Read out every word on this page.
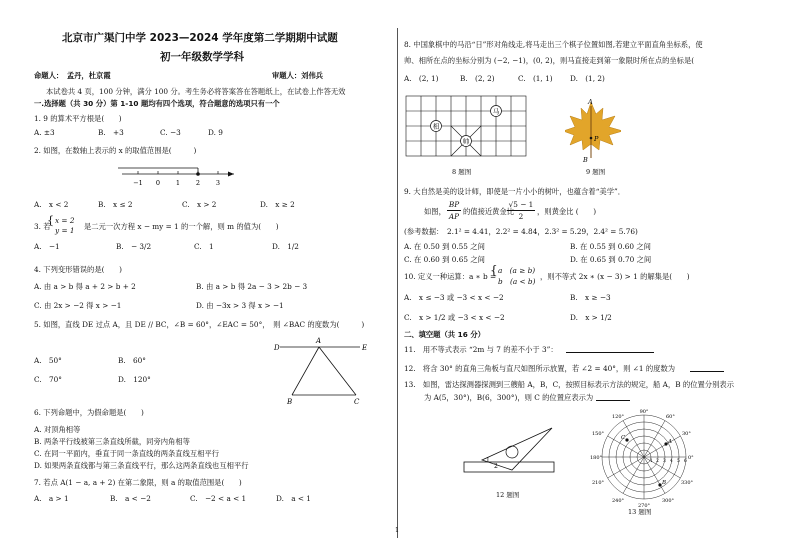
北京市广渠门中学 2023—2024 学年度第二学期期中试题
初一年级数学学科
命题人：　孟丹，杜京霞	审题人：刘伟兵
本试卷共 4 页，100 分钟，满分 100 分。考生务必将答案答在答题纸上，在试卷上作答无效
一.选择题（共 30 分）第 1-10 题均有四个选项，符合题意的选项只有一个
1. 9 的算术平方根是(　　)
A. ±3	B.　+3	C. −3	D. 9
2. 如图，在数轴上表示的 x 的取值范围是(　　　)
−1 0 1 2 3
A.　x < 2	B.　x ≤ 2	C.　x > 2	D.　x ≥ 2
3. 若
{ x = 2
y = 1 是二元一次方程 x − my = 1 的一个解，则 m 的值为(　　)
A.　−1	B.　− 3/2	C.　1	D.　1/2
4. 下列变形错误的是(　　)
A. 由 a > b 得 a + 2 > b + 2	B. 由 a > b 得 2a − 3 > 2b − 3
C. 由 2x > −2 得 x > −1	D. 由 −3x > 3 得 x > −1
5. 如图，直线 DE 过点 A，且 DE // BC，∠B = 60°，∠EAC = 50°，　则 ∠BAC 的度数为(　　　)
A.　50°	B.　60°
C.　70°	D.　120°
D
A
E
B	C
6. 下列命题中，为假命题是(　　)
A. 对顶角相等
B. 两条平行线被第三条直线所截，同旁内角相等
C. 在同一平面内，垂直于同一条直线的两条直线互相平行
D. 如果两条直线都与第三条直线平行，那么这两条直线也互相平行
7. 若点 A(1 − a, a + 2) 在第二象限，则 a 的取值范围是(　　)
A.　a > 1	B.　a < −2	C.　−2 < a < 1	D.　a < 1
8. 中国象棋中的马沿“日”形对角线走,将马走出三个棋子位置如图,若建立平面直角坐标系，使
帅、相所在点的坐标分别为 (−2, −1)，(0, 2)，则马直接走到第一象限时所在点的坐标是(　
A.　(2, 1)	B.　(2, 2)	C.　(1, 1) D.　(1, 2)
相
帅
马
8 题图
A
P
B
9 题图
9. 大自然是美的设计师，即使是一片小小的树叶，也蕴含着“美学”．
如图，
BP
AP
的值接近黄金比
√5 − 1
2
，则黄金比 (　　)
(参考数据：　2.1² = 4.41，2.2² = 4.84，2.3² = 5.29，2.4² = 5.76)
A. 在 0.50 到 0.55 之间	B. 在 0.55 到 0.60 之间
C. 在 0.60 到 0.65 之间	D. 在 0.65 到 0.70 之间
10. 定义一种运算：a ∗ b =
{ a　(a ≥ b)
b　(a < b)
，则不等式 2x ∗ (x − 3) > 1 的解集是(　　)
A.　x ≤ −3 或 −3 < x < −2	B.　x ≥ −3
C.　x > 1/2 或 −3 < x < −2	D.　x > 1/2
二、填空题（共 16 分）
11.　用不等式表示 “2m 与 7 的差不小于 3”：
12.　将含 30° 的直角三角板与直尺如图所示放置，若 ∠2 = 40°，则 ∠1 的度数为
13.　如图，雷达探测器探测到三艘船 A，B，C，按照目标表示方法的规定，船 A，B 的位置分别表示
为 A(5，30°)，B(6，300°)，则 C 的位置应表示为
1
2
12 题图
A
B
C
90°
60°
30°
0°
330°
300°
270°
240°
210°
180°
150°
120°
1 2 3 4 5 6
13 题图
1
